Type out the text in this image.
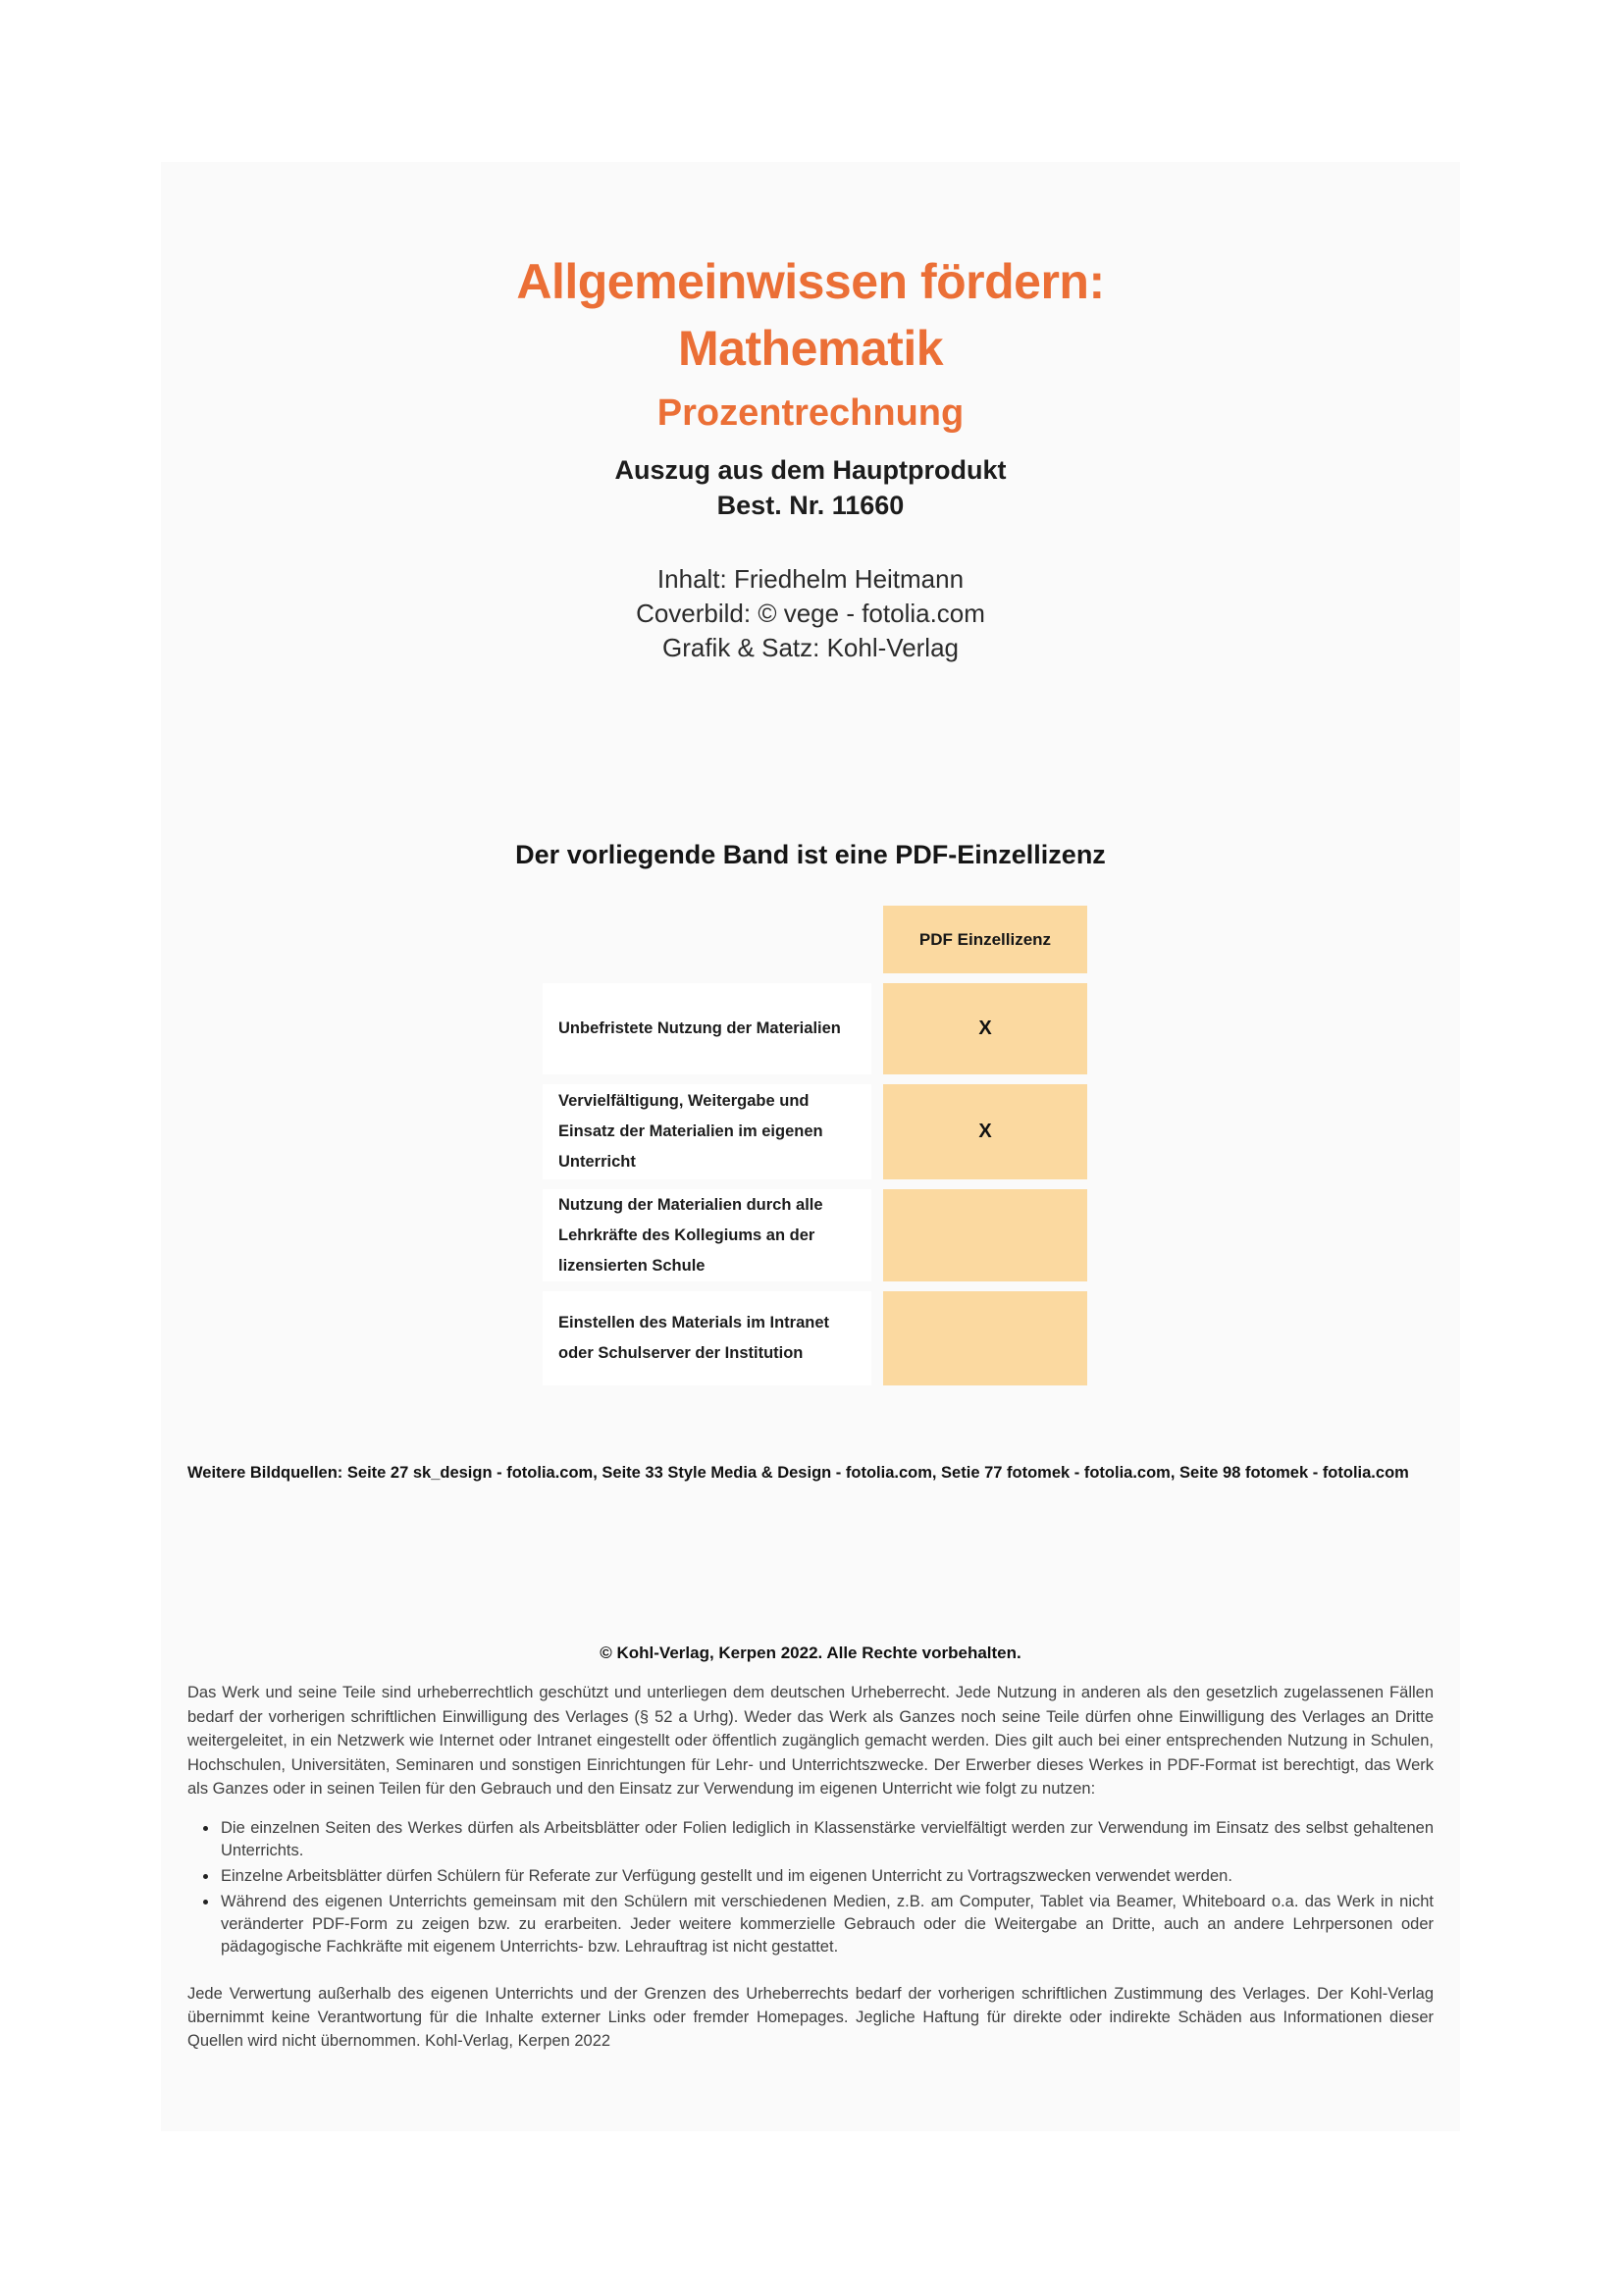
Allgemeinwissen fördern:
Mathematik
Prozentrechnung
Auszug aus dem Hauptprodukt
Best. Nr. 11660
Inhalt: Friedhelm Heitmann
Coverbild: © vege - fotolia.com
Grafik & Satz: Kohl-Verlag
Der vorliegende Band ist eine PDF-Einzellizenz
PDF Einzellizenz
Unbefristete Nutzung der Materialien	X
Vervielfältigung, Weitergabe und Einsatz der Materialien im eigenen Unterricht
X
Nutzung der Materialien durch alle Lehrkräfte des Kollegiums an der lizensierten Schule
Einstellen des Materials im Intranet oder Schulserver der Institution

Weitere Bildquellen: Seite 27 sk_design - fotolia.com, Seite 33 Style Media & Design - fotolia.com, Setie 77 fotomek - fotolia.com, Seite 98 fotomek - fotolia.com

© Kohl-Verlag, Kerpen 2022. Alle Rechte vorbehalten.

Das Werk und seine Teile sind urheberrechtlich geschützt und unterliegen dem deutschen Urheberrecht. Jede Nutzung in anderen als den gesetzlich zugelassenen Fällen bedarf der vorherigen schriftlichen Einwilligung des Verlages (§ 52 a Urhg). Weder das Werk als Ganzes noch seine Teile dürfen ohne Einwilligung des Verlages an Dritte weitergeleitet, in ein Netzwerk wie Internet oder Intranet eingestellt oder öffentlich zugänglich gemacht werden. Dies gilt auch bei einer entsprechenden Nutzung in Schulen, Hochschulen, Universitäten, Seminaren und sonstigen Einrichtungen für Lehr- und Unterrichtszwecke. Der Erwerber dieses Werkes in PDF-Format ist berechtigt, das Werk als Ganzes oder in seinen Teilen für den Gebrauch und den Einsatz zur Verwendung im eigenen Unterricht wie folgt zu nutzen:

Die einzelnen Seiten des Werkes dürfen als Arbeitsblätter oder Folien lediglich in Klassenstärke vervielfältigt werden zur Verwendung im Einsatz des selbst gehaltenen Unterrichts.
Einzelne Arbeitsblätter dürfen Schülern für Referate zur Verfügung gestellt und im eigenen Unterricht zu Vortragszwecken verwendet werden.
Während des eigenen Unterrichts gemeinsam mit den Schülern mit verschiedenen Medien, z.B. am Computer, Tablet via Beamer, Whiteboard o.a. das Werk in nicht veränderter PDF-Form zu zeigen bzw. zu erarbeiten. Jeder weitere kommerzielle Gebrauch oder die Weitergabe an Dritte, auch an andere Lehrpersonen oder pädagogische Fachkräfte mit eigenem Unterrichts- bzw. Lehrauftrag ist nicht gestattet.

Jede Verwertung außerhalb des eigenen Unterrichts und der Grenzen des Urheberrechts bedarf der vorherigen schriftlichen Zustimmung des Verlages. Der Kohl-Verlag übernimmt keine Verantwortung für die Inhalte externer Links oder fremder Homepages. Jegliche Haftung für direkte oder indirekte Schäden aus Informationen dieser Quellen wird nicht übernommen. Kohl-Verlag, Kerpen 2022
